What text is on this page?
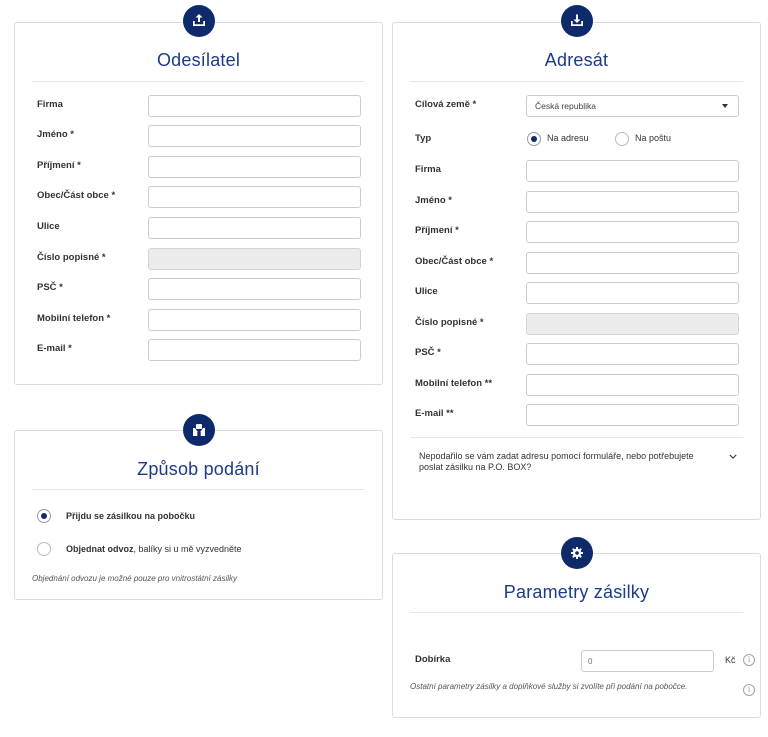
Odesílatel
Firma
Jméno *
Příjmení *
Obec/Část obce *
Ulice
Číslo popisné *
PSČ *
Mobilní telefon *
E-mail *
Adresát
Cílová země *	Česká republika
Typ	Na adresu	Na poštu
Firma
Jméno *
Příjmení *
Obec/Část obce *
Ulice
Číslo popisné *
PSČ *
Mobilní telefon **
E-mail **
Nepodařilo se vám zadat adresu pomocí formuláře, nebo potřebujete poslat zásilku na P.O. BOX?
Způsob podání
Přijdu se zásilkou na pobočku
Objednat odvoz, balíky si u mě vyzvedněte
Objednání odvozu je možné pouze pro vnitrostátní zásilky
Parametry zásilky
Dobírka
0	Kč	i
Ostatní parametry zásilky a doplňkové služby si zvolíte při podání na pobočce.	i
